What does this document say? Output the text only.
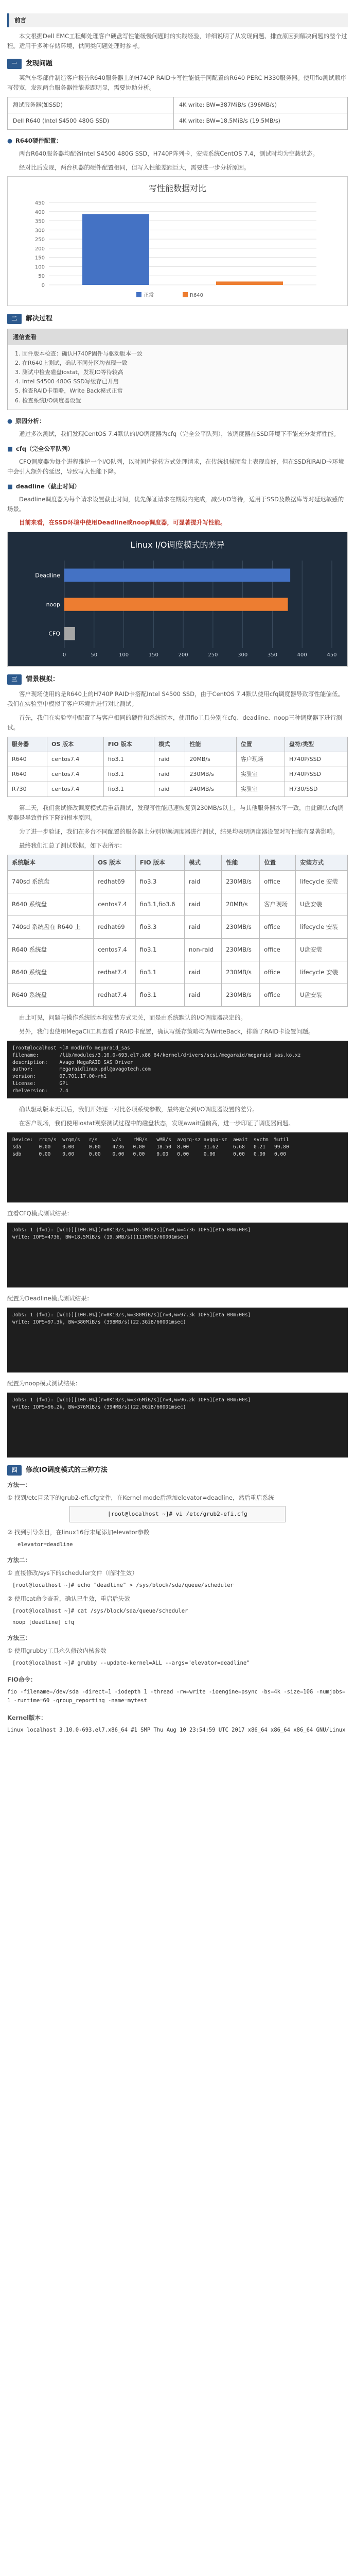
前言

本文根据Dell EMC工程师处理客户硬盘写性能缓慢问题时的实践经验，详细说明了从发现问题、排查原因到解决问题的整个过程。适用于多种存储环境，供同类问题处理时参考。

一	发现问题

某汽车零部件制造客户报告R640服务器上的H740P RAID卡写性能低于同配置的R640 PERC H330服务器。使用fio测试顺序写带宽，发现两台服务器性能差距明显，需要协助分析。

测试服务器(如SSD)	4K write: BW=387MiB/s (396MB/s)
Dell R640 (Intel S4500 480G SSD)	4K write: BW=18.5MiB/s (19.5MB/s)
● R640硬件配置：

两台R640服务器均配备Intel S4500 480G SSD，H740P阵列卡，安装系统CentOS 7.4，测试时均为空载状态。

经对比后发现，两台机器的硬件配置相同，但写入性能差距巨大，需要进一步分析原因。

写性能数据对比
0
50
100
150
200
250
300
350
400
450
正常	R640
二	解决过程
通信查看
1. 固件版本检查：确认H740P固件与驱动版本一致
2. 在R640上测试，确认不同分区均表现一致
3. 测试中检查磁盘iostat，发现IO等待较高
4. Intel S4500 480G SSD写缓存已开启
5. 检查RAID卡策略，Write Back模式正常
6. 检查系统I/O调度器设置
● 原因分析：

通过多次测试，我们发现CentOS 7.4默认的I/O调度器为cfq（完全公平队列），该调度器在SSD环境下不能充分发挥性能。

■ cfq（完全公平队列）

CFQ调度器为每个进程维护一个I/O队列，以时间片轮转方式处理请求，在传统机械硬盘上表现良好，但在SSD和RAID卡环境中会引入额外的延迟，导致写入性能下降。

■ deadline（截止时间）

Deadline调度器为每个请求设置截止时间，优先保证请求在期限内完成，减少I/O等待，适用于SSD及数据库等对延迟敏感的场景。

目前来看，在SSD环境中使用Deadline或noop调度器，可显著提升写性能。

Linux I/O调度模式的差异
0	50	100	150	200	250	300	350	400	450
Deadline
noop
CFQ
三	情景模拟：

客户现场使用的是R640上的H740P RAID卡搭配Intel S4500 SSD，由于CentOS 7.4默认使用cfq调度器导致写性能偏低。我们在实验室中模拟了客户环境并进行对比测试。

首先，我们在实验室中配置了与客户相同的硬件和系统版本，使用fio工具分别在cfq、deadline、noop三种调度器下进行测试。

服务器	OS 版本	FIO 版本	模式	性能	位置	盘符/类型
R640	centos7.4	fio3.1	raid	20MB/s	客户现场	H740P/SSD
R640	centos7.4	fio3.1	raid	230MB/s	实验室	H740P/SSD
R730	centos7.4	fio3.1	raid	240MB/s	实验室	H730/SSD

第二天，我们尝试修改调度模式后重新测试，发现写性能迅速恢复到230MB/s以上，与其他服务器水平一致，由此确认cfq调度器是导致性能下降的根本原因。

为了进一步验证，我们在多台不同配置的服务器上分别切换调度器进行测试，结果均表明调度器设置对写性能有显著影响。

最终我们汇总了测试数据，如下表所示：

系统版本	OS 版本	FIO 版本	模式	性能	位置	安装方式
740sd 系统盘	redhat69	fio3.3	raid	230MB/s	office	lifecycle 安装
R640 系统盘	centos7.4	fio3.1,fio3.6	raid	20MB/s	客户现场	U盘安装
740sd 系统盘在 R640 上	redhat69	fio3.3	raid	230MB/s	office	lifecycle 安装
R640 系统盘	centos7.4	fio3.1	non-raid	230MB/s	office	U盘安装
R640 系统盘	redhat7.4	fio3.1	raid	230MB/s	office	lifecycle 安装
R640 系统盘	redhat7.4	fio3.1	raid	230MB/s	office	U盘安装

由此可见，问题与操作系统版本和安装方式无关，而是由系统默认的I/O调度器决定的。

另外，我们也使用MegaCli工具查看了RAID卡配置，确认写缓存策略均为WriteBack，排除了RAID卡设置问题。

[root@localhost ~]# modinfo megaraid_sas
filename:       /lib/modules/3.10.0-693.el7.x86_64/kernel/drivers/scsi/megaraid/megaraid_sas.ko.xz
description:    Avago MegaRAID SAS Driver
author:         megaraidlinux.pdl@avagotech.com
version:        07.701.17.00-rh1
license:        GPL
rhelversion:    7.4

确认驱动版本无误后，我们开始逐一对比各项系统参数，最终定位到I/O调度器设置的差异。

在客户现场，我们使用iostat观察测试过程中的磁盘状态，发现await值偏高，进一步印证了调度器问题。

Device:  rrqm/s  wrqm/s   r/s     w/s    rMB/s   wMB/s  avgrq-sz avgqu-sz  await  svctm  %util
sda      0.00    0.00     0.00    4736   0.00    18.50  8.00     31.62     6.68   0.21   99.80
sdb      0.00    0.00     0.00    0.00   0.00    0.00   0.00     0.00      0.00   0.00   0.00

查看CFQ模式测试结果：

Jobs: 1 (f=1): [W(1)][100.0%][r=0KiB/s,w=18.5MiB/s][r=0,w=4736 IOPS][eta 00m:00s]
write: IOPS=4736, BW=18.5MiB/s (19.5MB/s)(1110MiB/60001msec)

配置为Deadline模式测试结果：

Jobs: 1 (f=1): [W(1)][100.0%][r=0KiB/s,w=380MiB/s][r=0,w=97.3k IOPS][eta 00m:00s]
write: IOPS=97.3k, BW=380MiB/s (398MB/s)(22.3GiB/60001msec)

配置为noop模式测试结果：

Jobs: 1 (f=1): [W(1)][100.0%][r=0KiB/s,w=376MiB/s][r=0,w=96.2k IOPS][eta 00m:00s]
write: IOPS=96.2k, BW=376MiB/s (394MB/s)(22.0GiB/60001msec)
四	修改IO调度模式的三种方法
方法一：
① 找到/etc目录下的grub2-efi.cfg文件，在Kernel mode后添加elevator=deadline，然后重启系统
[root@localhost ~]# vi /etc/grub2-efi.cfg
② 找到引导条目，在linux16行末尾添加elevator参数
elevator=deadline
方法二：
① 直接修改/sys下的scheduler文件（临时生效）
[root@localhost ~]# echo "deadline" > /sys/block/sda/queue/scheduler
② 使用cat命令查看，确认已生效，重启后失效
[root@localhost ~]# cat /sys/block/sda/queue/scheduler
noop [deadline] cfq
方法三：
① 使用grubby工具永久修改内核参数
[root@localhost ~]# grubby --update-kernel=ALL --args="elevator=deadline"
FIO命令：
fio -filename=/dev/sda -direct=1 -iodepth 1 -thread -rw=write -ioengine=psync -bs=4k -size=10G -numjobs=1 -runtime=60 -group_reporting -name=mytest
Kernel版本：
Linux localhost 3.10.0-693.el7.x86_64 #1 SMP Thu Aug 10 23:54:59 UTC 2017 x86_64 x86_64 x86_64 GNU/Linux
